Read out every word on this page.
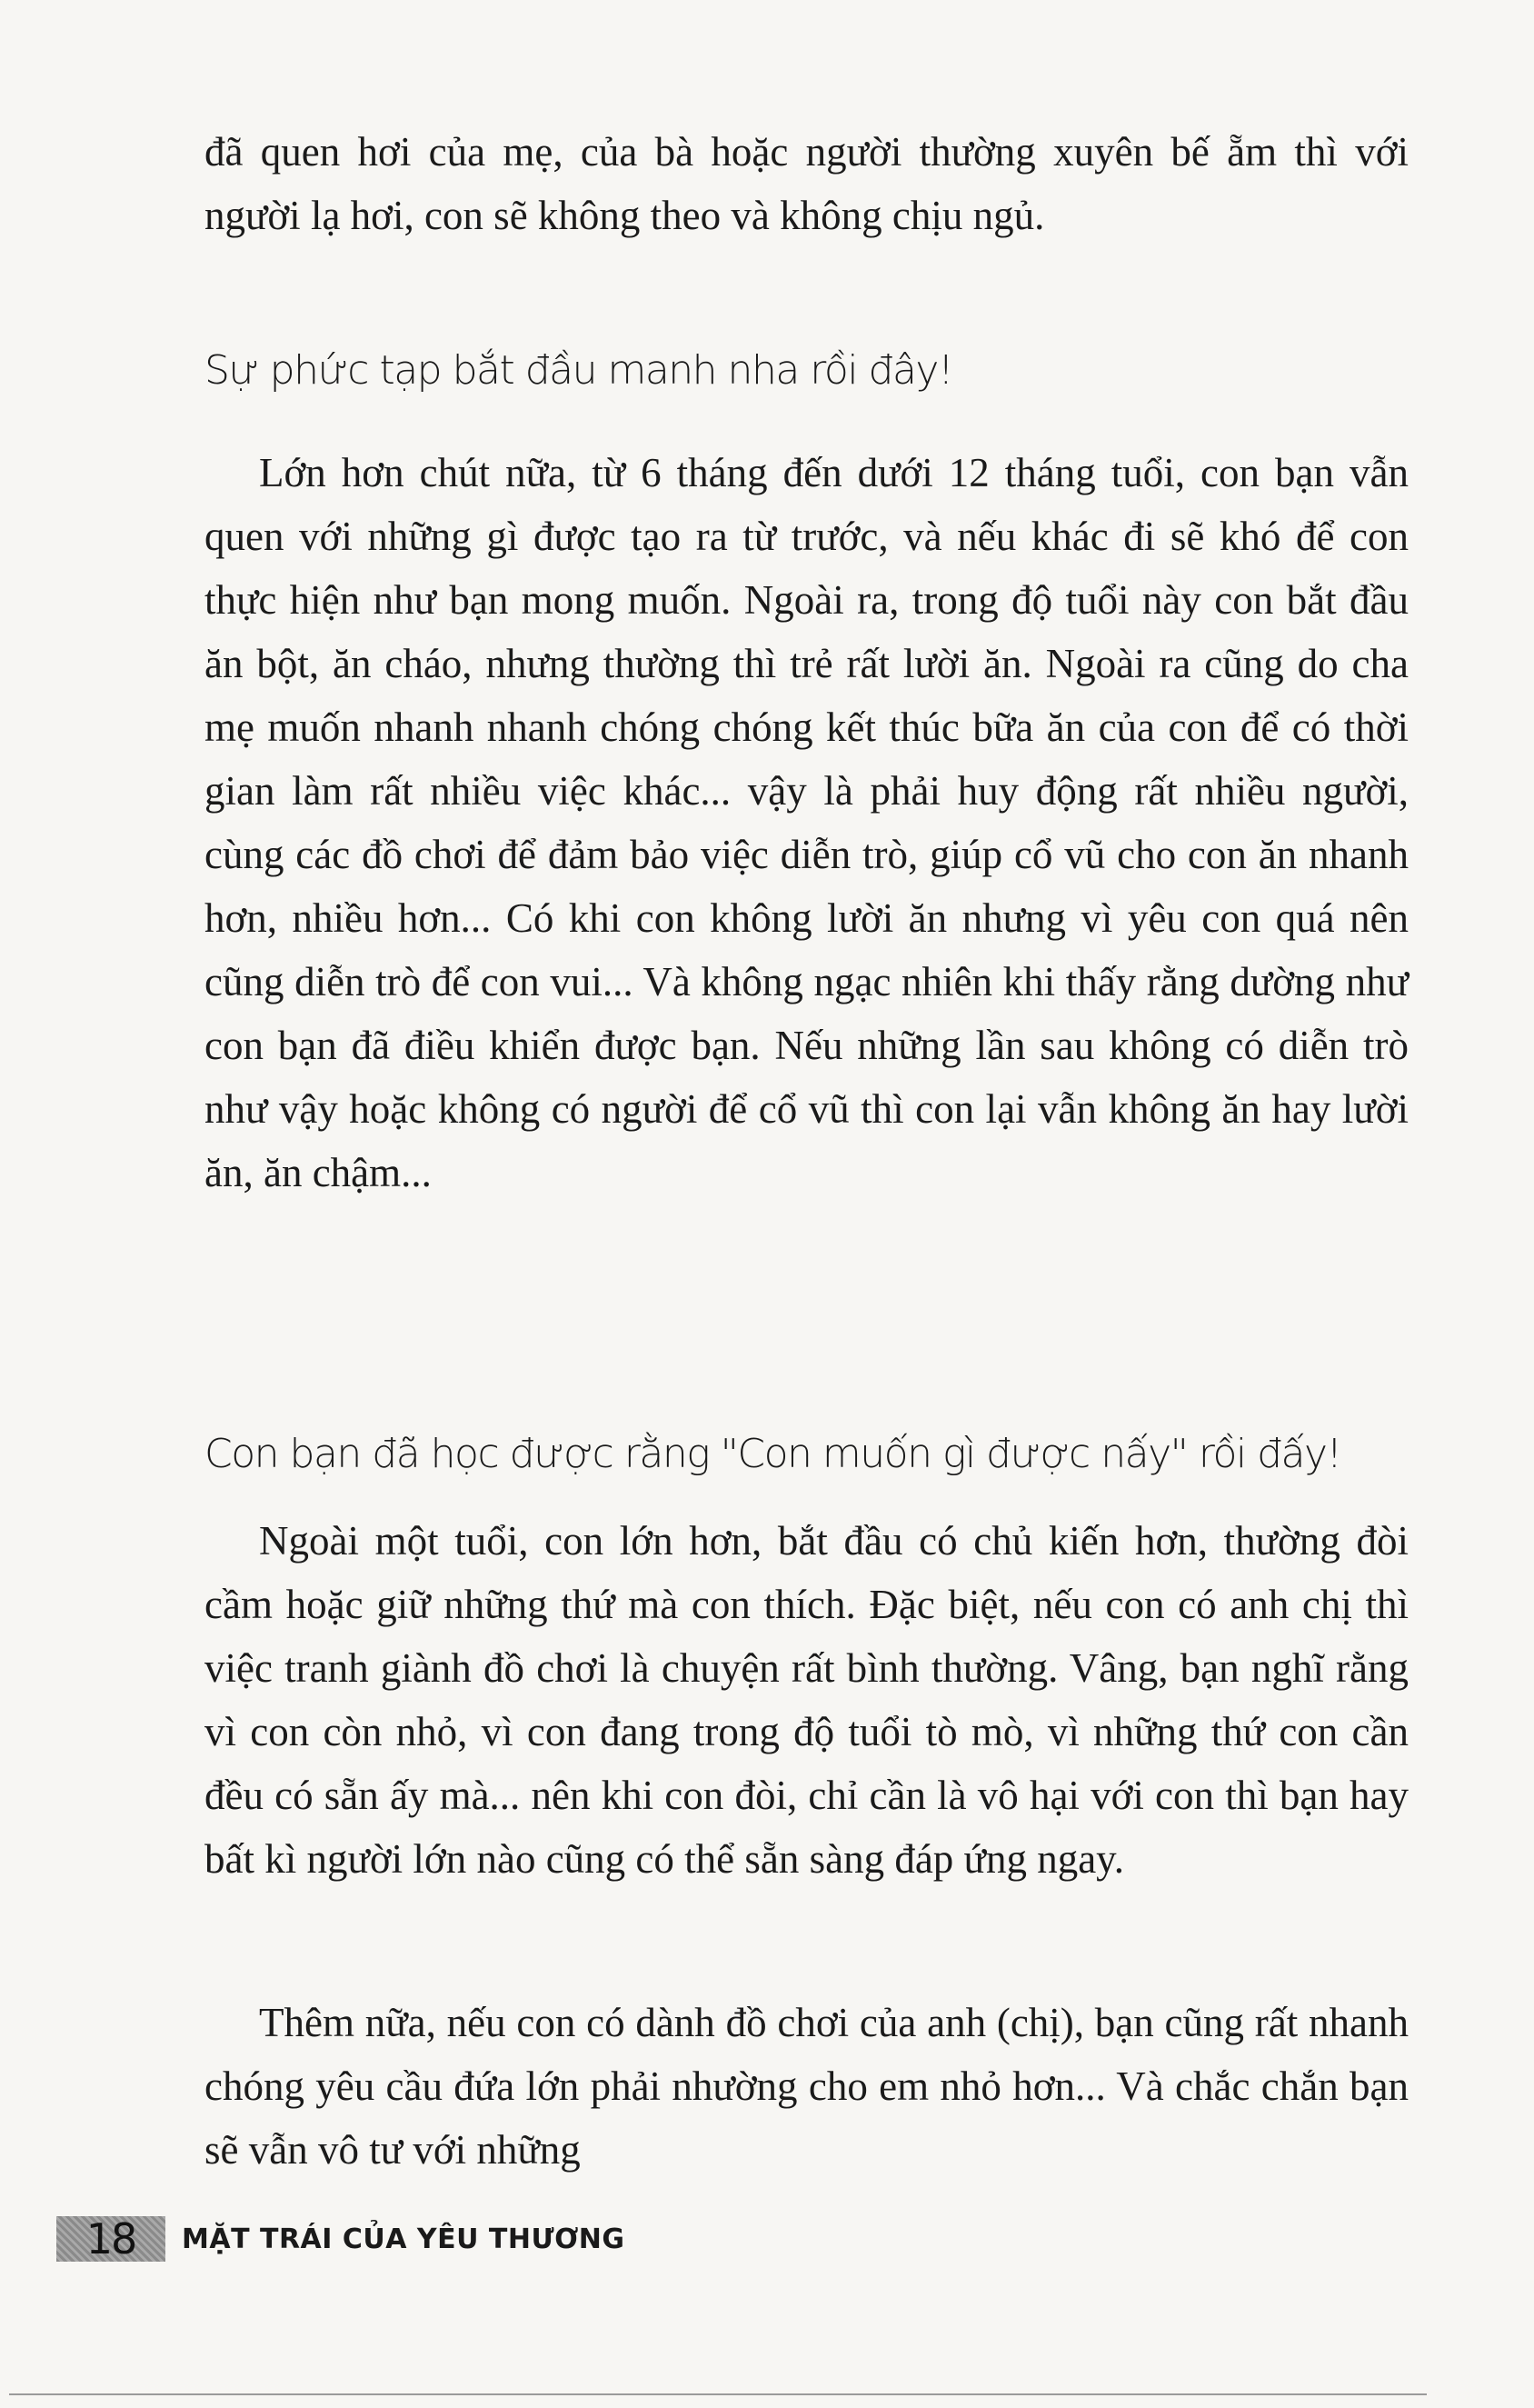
đã quen hơi của mẹ, của bà hoặc người thường xuyên bế ẵm thì với người lạ hơi, con sẽ không theo và không chịu ngủ.

Sự phức tạp bắt đầu manh nha rồi đây!

Lớn hơn chút nữa, từ 6 tháng đến dưới 12 tháng tuổi, con bạn vẫn quen với những gì được tạo ra từ trước, và nếu khác đi sẽ khó để con thực hiện như bạn mong muốn. Ngoài ra, trong độ tuổi này con bắt đầu ăn bột, ăn cháo, nhưng thường thì trẻ rất lười ăn. Ngoài ra cũng do cha mẹ muốn nhanh nhanh chóng chóng kết thúc bữa ăn của con để có thời gian làm rất nhiều việc khác... vậy là phải huy động rất nhiều người, cùng các đồ chơi để đảm bảo việc diễn trò, giúp cổ vũ cho con ăn nhanh hơn, nhiều hơn... Có khi con không lười ăn nhưng vì yêu con quá nên cũng diễn trò để con vui... Và không ngạc nhiên khi thấy rằng dường như con bạn đã điều khiển được bạn. Nếu những lần sau không có diễn trò như vậy hoặc không có người để cổ vũ thì con lại vẫn không ăn hay lười ăn, ăn chậm...

Con bạn đã học được rằng "Con muốn gì được nấy" rồi đấy!

Ngoài một tuổi, con lớn hơn, bắt đầu có chủ kiến hơn, thường đòi cầm hoặc giữ những thứ mà con thích. Đặc biệt, nếu con có anh chị thì việc tranh giành đồ chơi là chuyện rất bình thường. Vâng, bạn nghĩ rằng vì con còn nhỏ, vì con đang trong độ tuổi tò mò, vì những thứ con cần đều có sẵn ấy mà... nên khi con đòi, chỉ cần là vô hại với con thì bạn hay bất kì người lớn nào cũng có thể sẵn sàng đáp ứng ngay.

Thêm nữa, nếu con có dành đồ chơi của anh (chị), bạn cũng rất nhanh chóng yêu cầu đứa lớn phải nhường cho em nhỏ hơn... Và chắc chắn bạn sẽ vẫn vô tư với những

18	MẶT TRÁI CỦA YÊU THƯƠNG
